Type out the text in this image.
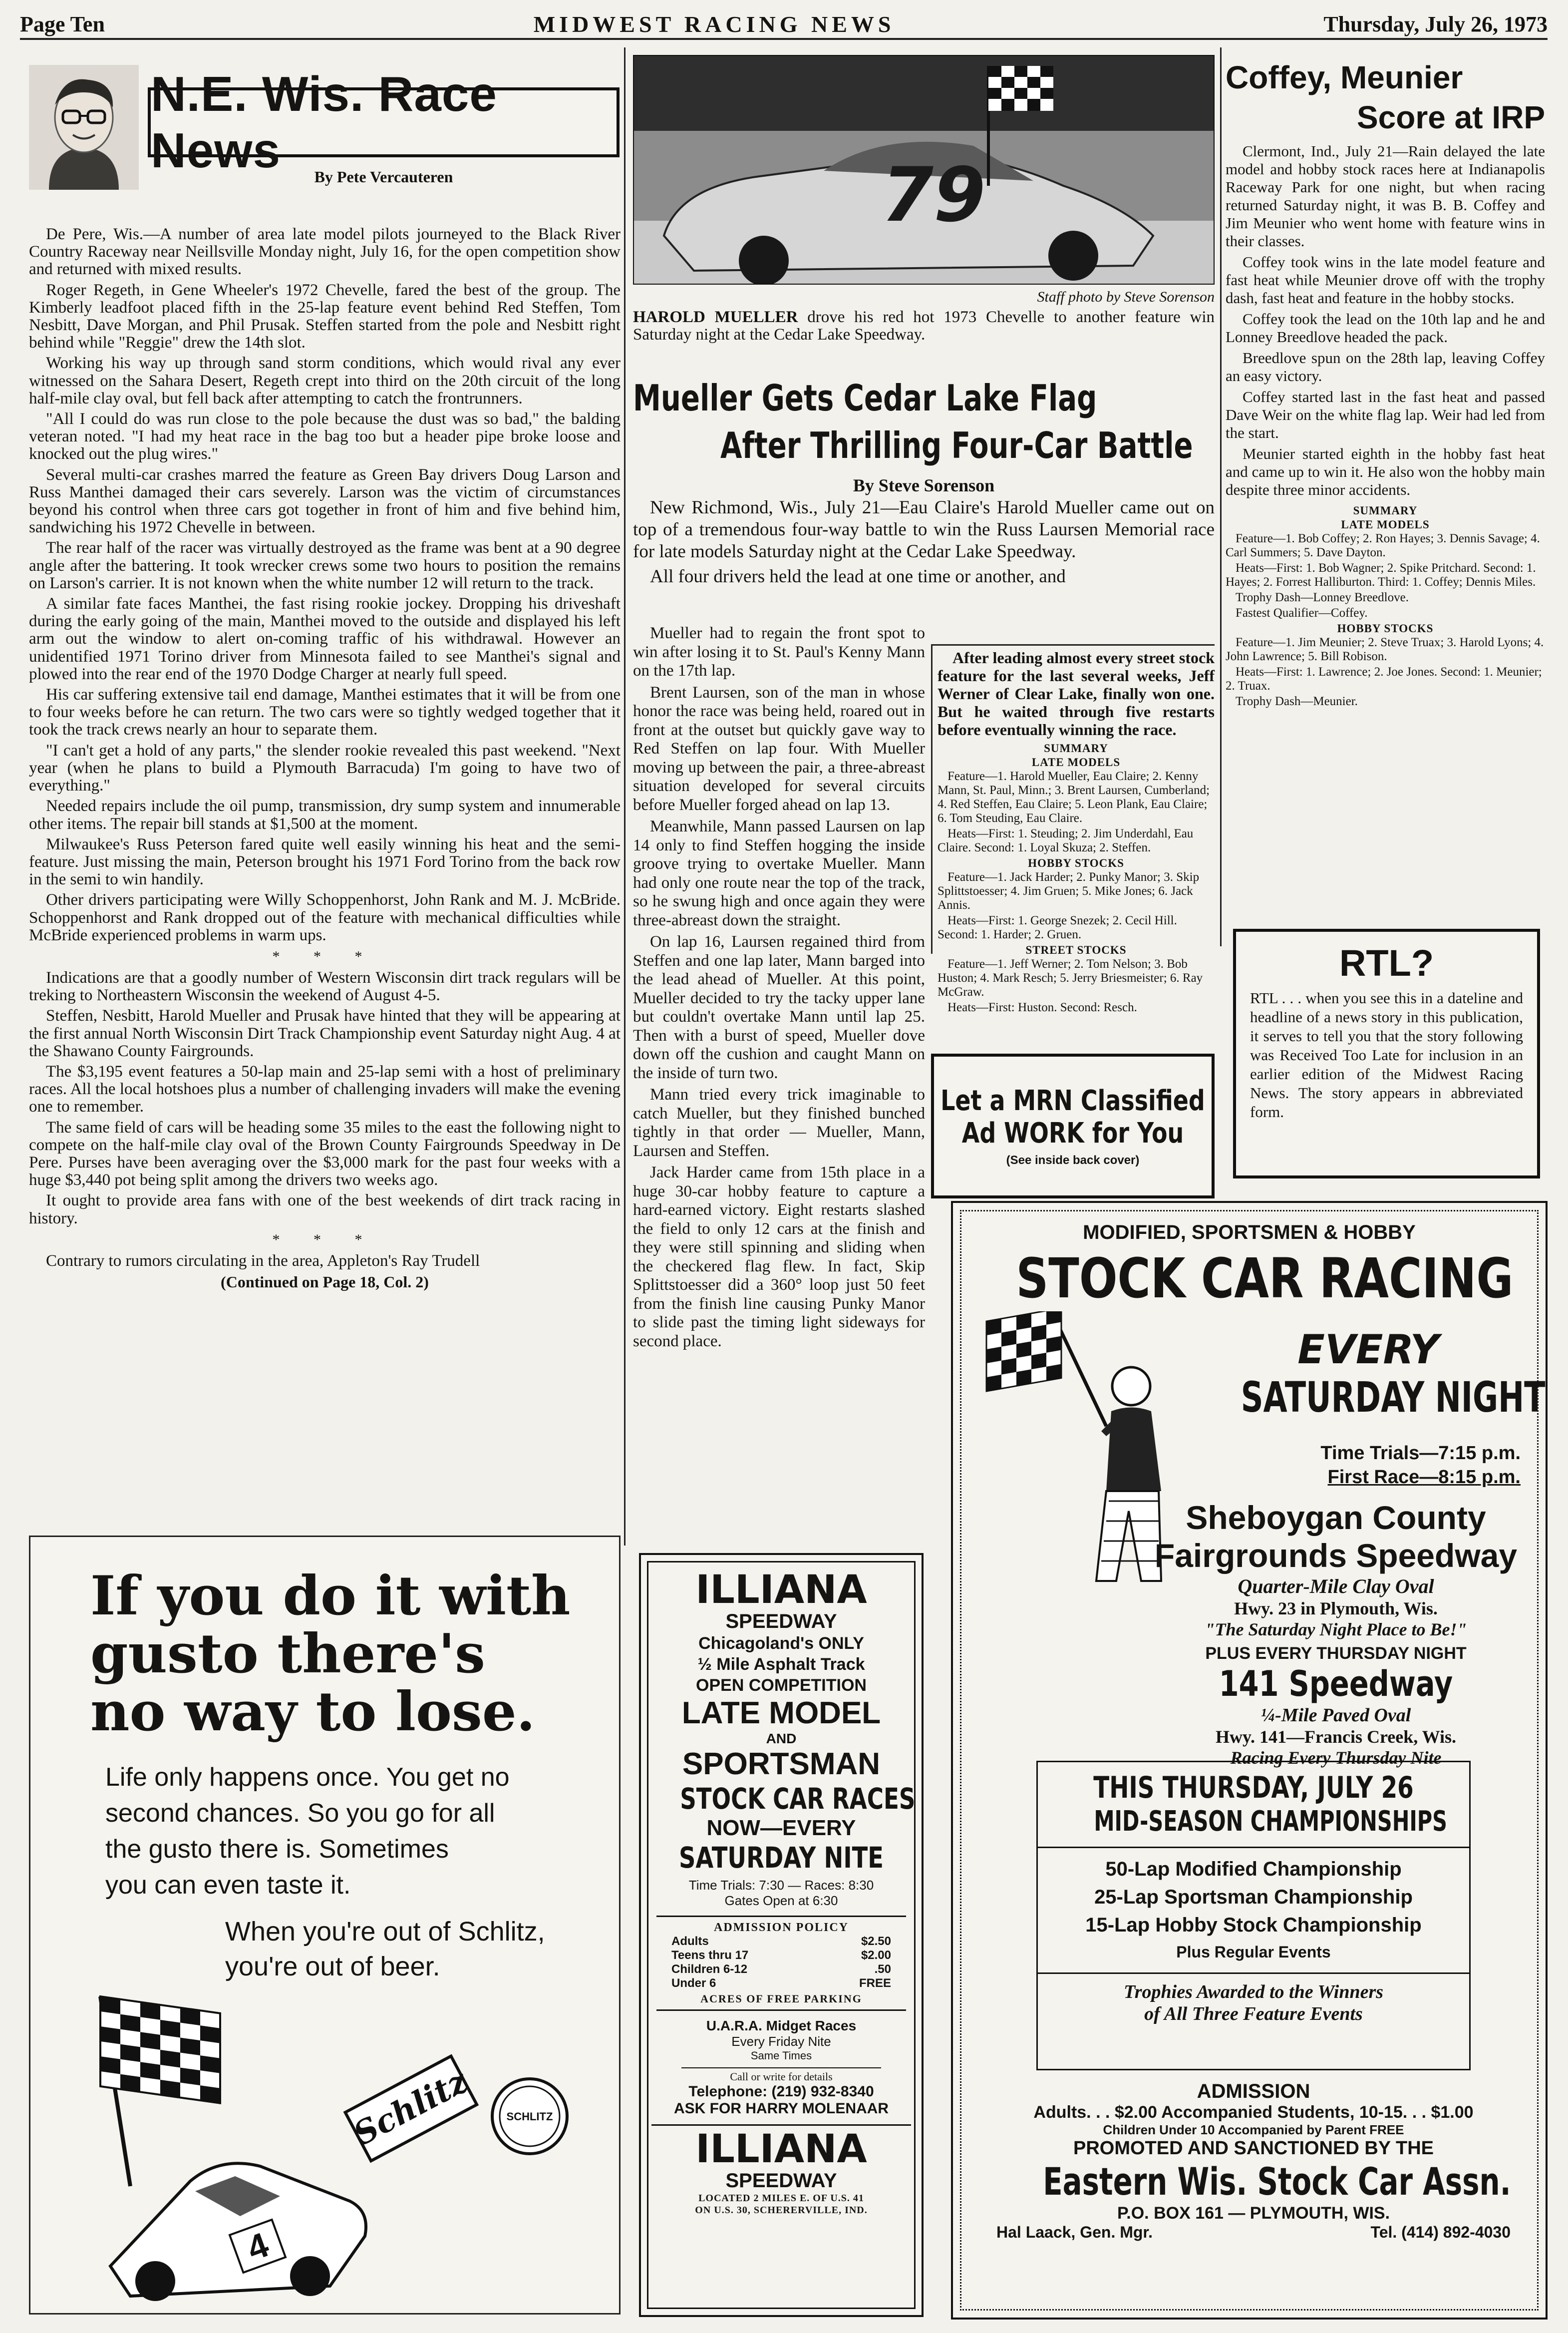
Page Ten	MIDWEST RACING NEWS	Thursday, July 26, 1973
N.E. Wis. Race News	By Pete Vercauteren

De Pere, Wis.—A number of area late model pilots journeyed to the Black River Country Raceway near Neillsville Monday night, July 16, for the open competition show and returned with mixed results.

Roger Regeth, in Gene Wheeler's 1972 Chevelle, fared the best of the group. The Kimberly leadfoot placed fifth in the 25-lap feature event behind Red Steffen, Tom Nesbitt, Dave Morgan, and Phil Prusak. Steffen started from the pole and Nesbitt right behind while "Reggie" drew the 14th slot.

Working his way up through sand storm conditions, which would rival any ever witnessed on the Sahara Desert, Regeth crept into third on the 20th circuit of the long half-mile clay oval, but fell back after attempting to catch the frontrunners.

"All I could do was run close to the pole because the dust was so bad," the balding veteran noted. "I had my heat race in the bag too but a header pipe broke loose and knocked out the plug wires."

Several multi-car crashes marred the feature as Green Bay drivers Doug Larson and Russ Manthei damaged their cars severely. Larson was the victim of circumstances beyond his control when three cars got together in front of him and five behind him, sandwiching his 1972 Chevelle in between.

The rear half of the racer was virtually destroyed as the frame was bent at a 90 degree angle after the battering. It took wrecker crews some two hours to position the remains on Larson's carrier. It is not known when the white number 12 will return to the track.

A similar fate faces Manthei, the fast rising rookie jockey. Dropping his driveshaft during the early going of the main, Manthei moved to the outside and displayed his left arm out the window to alert on-coming traffic of his withdrawal. However an unidentified 1971 Torino driver from Minnesota failed to see Manthei's signal and plowed into the rear end of the 1970 Dodge Charger at nearly full speed.

His car suffering extensive tail end damage, Manthei estimates that it will be from one to four weeks before he can return. The two cars were so tightly wedged together that it took the track crews nearly an hour to separate them.

"I can't get a hold of any parts," the slender rookie revealed this past weekend. "Next year (when he plans to build a Plymouth Barracuda) I'm going to have two of everything."

Needed repairs include the oil pump, transmission, dry sump system and innumerable other items. The repair bill stands at $1,500 at the moment.

Milwaukee's Russ Peterson fared quite well easily winning his heat and the semi-feature. Just missing the main, Peterson brought his 1971 Ford Torino from the back row in the semi to win handily.

Other drivers participating were Willy Schoppenhorst, John Rank and M. J. McBride. Schoppenhorst and Rank dropped out of the feature with mechanical difficulties while McBride experienced problems in warm ups.

* * *

Indications are that a goodly number of Western Wisconsin dirt track regulars will be treking to Northeastern Wisconsin the weekend of August 4-5.

Steffen, Nesbitt, Harold Mueller and Prusak have hinted that they will be appearing at the first annual North Wisconsin Dirt Track Championship event Saturday night Aug. 4 at the Shawano County Fairgrounds.

The $3,195 event features a 50-lap main and 25-lap semi with a host of preliminary races. All the local hotshoes plus a number of challenging invaders will make the evening one to remember.

The same field of cars will be heading some 35 miles to the east the following night to compete on the half-mile clay oval of the Brown County Fairgrounds Speedway in De Pere. Purses have been averaging over the $3,000 mark for the past four weeks with a huge $3,440 pot being split among the drivers two weeks ago.

It ought to provide area fans with one of the best weekends of dirt track racing in history.

* * *

Contrary to rumors circulating in the area, Appleton's Ray Trudell

(Continued on Page 18, Col. 2)
If you do it with
gusto there's
no way to lose.
Life only happens once. You get no
second chances. So you go for all
the gusto there is. Sometimes
you can even taste it.
When you're out of Schlitz,
you're out of beer.
4
Schlitz	SCHLITZ
79
Staff photo by Steve Sorenson
HAROLD MUELLER drove his red hot 1973 Chevelle to another feature win Saturday night at the Cedar Lake Speedway.
Mueller Gets Cedar Lake Flag
After Thrilling Four-Car Battle
By Steve Sorenson

New Richmond, Wis., July 21—Eau Claire's Harold Mueller came out on top of a tremendous four-way battle to win the Russ Laursen Memorial race for late models Saturday night at the Cedar Lake Speedway.

All four drivers held the lead at one time or another, and

Mueller had to regain the front spot to win after losing it to St. Paul's Kenny Mann on the 17th lap.

Brent Laursen, son of the man in whose honor the race was being held, roared out in front at the outset but quickly gave way to Red Steffen on lap four. With Mueller moving up between the pair, a three-abreast situation developed for several circuits before Mueller forged ahead on lap 13.

Meanwhile, Mann passed Laursen on lap 14 only to find Steffen hogging the inside groove trying to overtake Mueller. Mann had only one route near the top of the track, so he swung high and once again they were three-abreast down the straight.

On lap 16, Laursen regained third from Steffen and one lap later, Mann barged into the lead ahead of Mueller. At this point, Mueller decided to try the tacky upper lane but couldn't overtake Mann until lap 25. Then with a burst of speed, Mueller dove down off the cushion and caught Mann on the inside of turn two.

Mann tried every trick imaginable to catch Mueller, but they finished bunched tightly in that order — Mueller, Mann, Laursen and Steffen.

Jack Harder came from 15th place in a huge 30-car hobby feature to capture a hard-earned victory. Eight restarts slashed the field to only 12 cars at the finish and they were still spinning and sliding when the checkered flag flew. In fact, Skip Splittstoesser did a 360° loop just 50 feet from the finish line causing Punky Manor to slide past the timing light sideways for second place.

After leading almost every street stock feature for the last several weeks, Jeff Werner of Clear Lake, finally won one. But he waited through five restarts before eventually winning the race.

SUMMARY
LATE MODELS

Feature—1. Harold Mueller, Eau Claire; 2. Kenny Mann, St. Paul, Minn.; 3. Brent Laursen, Cumberland; 4. Red Steffen, Eau Claire; 5. Leon Plank, Eau Claire; 6. Tom Steuding, Eau Claire.

Heats—First: 1. Steuding; 2. Jim Underdahl, Eau Claire. Second: 1. Loyal Skuza; 2. Steffen.

HOBBY STOCKS

Feature—1. Jack Harder; 2. Punky Manor; 3. Skip Splittstoesser; 4. Jim Gruen; 5. Mike Jones; 6. Jack Annis.

Heats—First: 1. George Snezek; 2. Cecil Hill. Second: 1. Harder; 2. Gruen.

STREET STOCKS

Feature—1. Jeff Werner; 2. Tom Nelson; 3. Bob Huston; 4. Mark Resch; 5. Jerry Briesmeister; 6. Ray McGraw.

Heats—First: Huston. Second: Resch.

Let a MRN Classified
Ad WORK for You
(See inside back cover)
ILLIANA
SPEEDWAY
Chicagoland's ONLY
½ Mile Asphalt Track
OPEN COMPETITION
LATE MODEL
AND
SPORTSMAN
STOCK CAR RACES
NOW—EVERY
SATURDAY NITE
Time Trials: 7:30 — Races: 8:30
Gates Open at 6:30
ADMISSION POLICY
Adults	$2.50
Teens thru 17	$2.00
Children 6-12	.50
Under 6	FREE
ACRES OF FREE PARKING
U.A.R.A. Midget Races
Every Friday Nite
Same Times
Call or write for details
Telephone: (219) 932-8340
ASK FOR HARRY MOLENAAR
ILLIANA
SPEEDWAY
LOCATED 2 MILES E. OF U.S. 41
ON U.S. 30, SCHERERVILLE, IND.
Coffey, Meunier
Score at IRP

Clermont, Ind., July 21—Rain delayed the late model and hobby stock races here at Indianapolis Raceway Park for one night, but when racing returned Saturday night, it was B. B. Coffey and Jim Meunier who went home with feature wins in their classes.

Coffey took wins in the late model feature and fast heat while Meunier drove off with the trophy dash, fast heat and feature in the hobby stocks.

Coffey took the lead on the 10th lap and he and Lonney Breedlove headed the pack.

Breedlove spun on the 28th lap, leaving Coffey an easy victory.

Coffey started last in the fast heat and passed Dave Weir on the white flag lap. Weir had led from the start.

Meunier started eighth in the hobby fast heat and came up to win it. He also won the hobby main despite three minor accidents.

SUMMARY
LATE MODELS

Feature—1. Bob Coffey; 2. Ron Hayes; 3. Dennis Savage; 4. Carl Summers; 5. Dave Dayton.

Heats—First: 1. Bob Wagner; 2. Spike Pritchard. Second: 1. Hayes; 2. Forrest Halliburton. Third: 1. Coffey; Dennis Miles.

Trophy Dash—Lonney Breedlove.

Fastest Qualifier—Coffey.

HOBBY STOCKS

Feature—1. Jim Meunier; 2. Steve Truax; 3. Harold Lyons; 4. John Lawrence; 5. Bill Robison.

Heats—First: 1. Lawrence; 2. Joe Jones. Second: 1. Meunier; 2. Truax.

Trophy Dash—Meunier.

RTL?

RTL . . . when you see this in a dateline and headline of a news story in this publication, it serves to tell you that the story following was Received Too Late for inclusion in an earlier edition of the Midwest Racing News. The story appears in abbreviated form.

MODIFIED, SPORTSMEN & HOBBY
STOCK CAR RACING
EVERY
SATURDAY NIGHT
Time Trials—7:15 p.m.
First Race—8:15 p.m.
Sheboygan County
Fairgrounds Speedway
Quarter-Mile Clay Oval
Hwy. 23 in Plymouth, Wis.
"The Saturday Night Place to Be!"
PLUS EVERY THURSDAY NIGHT
141 Speedway
¼-Mile Paved Oval
Hwy. 141—Francis Creek, Wis.
Racing Every Thursday Nite
THIS THURSDAY, JULY 26
MID-SEASON CHAMPIONSHIPS
50-Lap Modified Championship
25-Lap Sportsman Championship
15-Lap Hobby Stock Championship
Plus Regular Events
Trophies Awarded to the Winners
of All Three Feature Events
ADMISSION
Adults. . . $2.00 Accompanied Students, 10-15. . . $1.00
Children Under 10 Accompanied by Parent FREE
PROMOTED AND SANCTIONED BY THE
Eastern Wis. Stock Car Assn.
P.O. BOX 161 — PLYMOUTH, WIS.
Hal Laack, Gen. Mgr.	Tel. (414) 892-4030
